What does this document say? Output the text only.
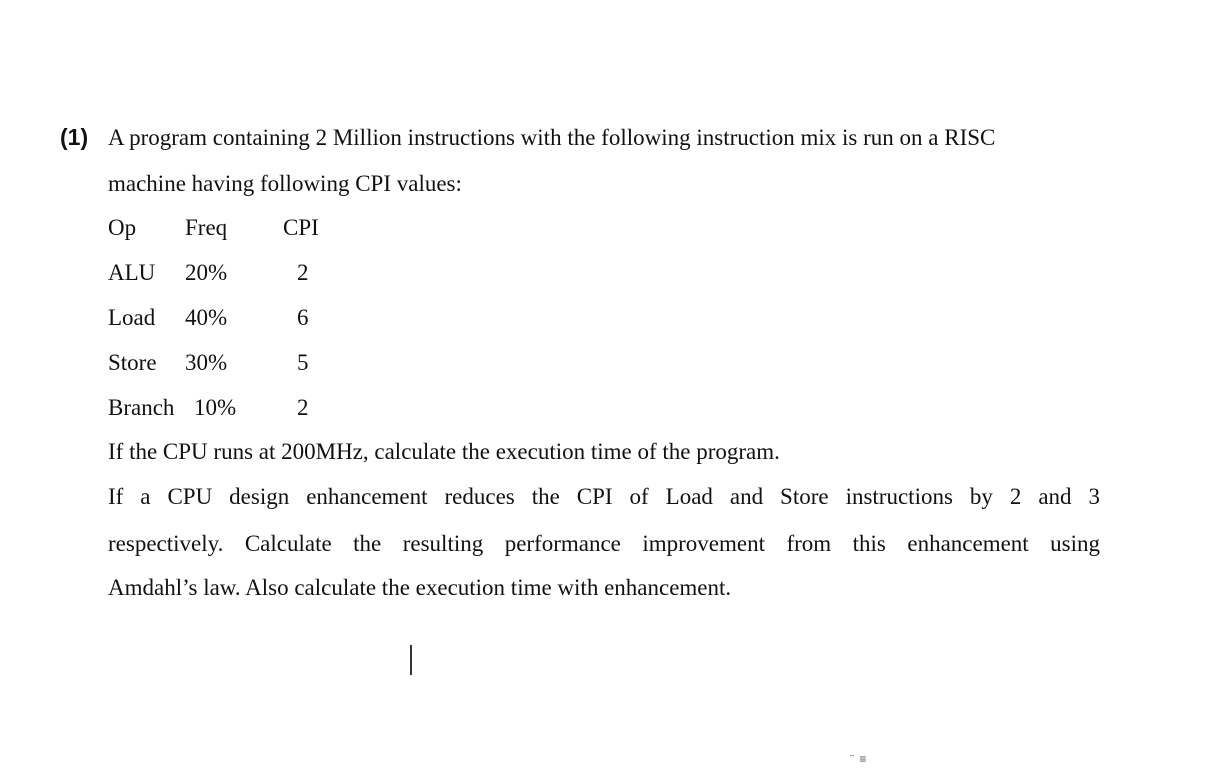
(1) A program containing 2 Million instructions with the following instruction mix is run on a RISC
machine having following CPI values:
Op Freq CPI
ALU 20%	2
Load 40%	6
Store 30%	5
Branch 10%	2
If the CPU runs at 200MHz, calculate the execution time of the program.
If a CPU design enhancement reduces the CPI of Load and Store instructions by 2 and 3
respectively. Calculate the resulting performance improvement from this enhancement using
Amdahl’s law. Also calculate the execution time with enhancement.
¨ ≡
